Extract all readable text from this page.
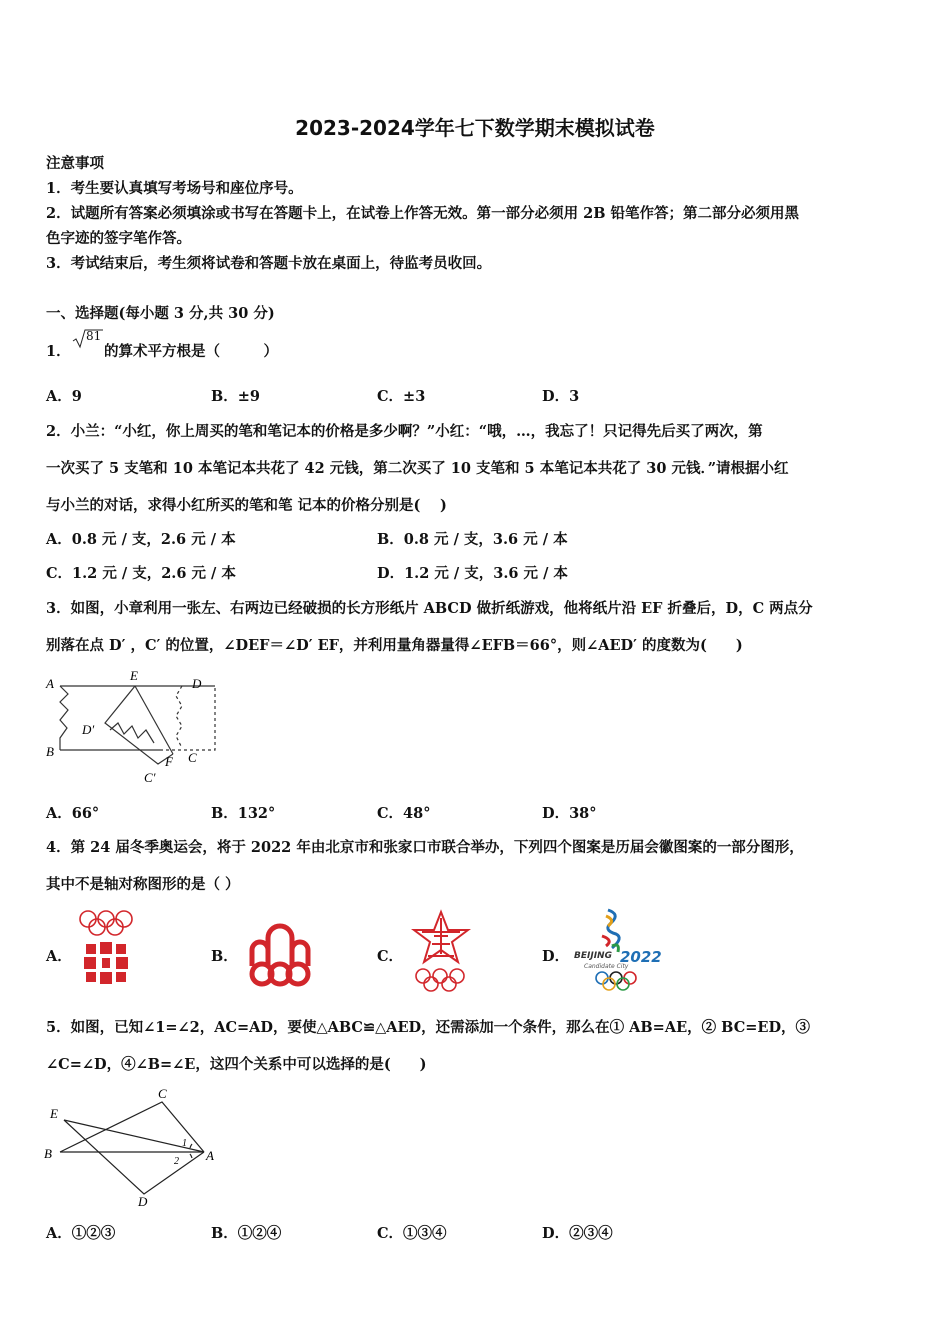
2023-2024学年七下数学期末模拟试卷
注意事项
1．考生要认真填写考场号和座位序号。
2．试题所有答案必须填涂或书写在答题卡上，在试卷上作答无效。第一部分必须用 2B 铅笔作答；第二部分必须用黑
色字迹的签字笔作答。
3．考试结束后，考生须将试卷和答题卡放在桌面上，待监考员收回。
一、选择题(每小题 3 分,共 30 分)
1．
81
的算术平方根是（　　　）
A．9	B．±9	C．±3	D．3
2．小兰：“小红，你上周买的笔和笔记本的价格是多少啊？”小红：“哦，…，我忘了！只记得先后买了两次，第
一次买了 5 支笔和 10 本笔记本共花了 42 元钱，第二次买了 10 支笔和 5 本笔记本共花了 30 元钱．”请根据小红
与小兰的对话，求得小红所买的笔和笔 记本的价格分别是(　 )
A．0.8 元 / 支，2.6 元 / 本	B．0.8 元 / 支，3.6 元 / 本
C．1.2 元 / 支，2.6 元 / 本	D．1.2 元 / 支，3.6 元 / 本
3．如图，小章利用一张左、右两边已经破损的长方形纸片 ABCD 做折纸游戏，他将纸片沿 EF 折叠后，D，C 两点分
别落在点 D′ ，C′ 的位置，∠DEF＝∠D′ EF，并利用量角器量得∠EFB＝66°，则∠AED′ 的度数为(　　)
A
E
D
D′
B
F C
C′
A．66°	B．132°	C．48°	D．38°
4．第 24 届冬季奥运会，将于 2022 年由北京市和张家口市联合举办，下列四个图案是历届会徽图案的一部分图形，
其中不是轴对称图形的是（ ）
A．	B．	C．	D． BEIJING 2022
Candidate City
5．如图，已知∠1=∠2，AC=AD，要使△ABC≌△AED，还需添加一个条件，那么在① AB=AE，② BC=ED，③
∠C=∠D，④∠B=∠E，这四个关系中可以选择的是(　　)
C
E
1
B
2 A
D
A．①②③	B．①②④	C．①③④	D．②③④
